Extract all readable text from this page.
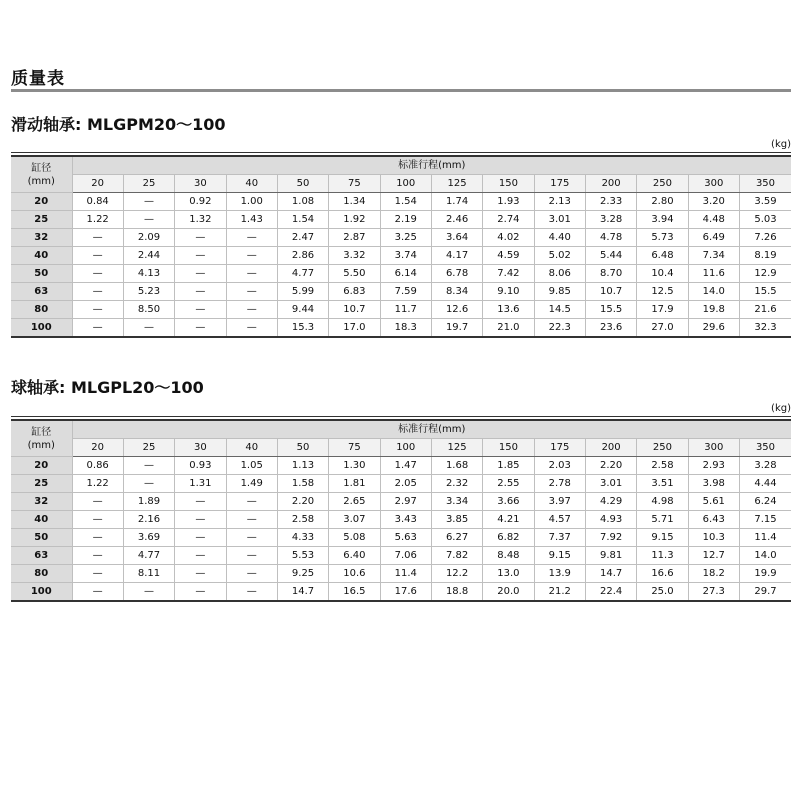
质量表
滑动轴承: MLGPM20～100
(kg)
缸径
(mm)	标准行程(mm)													
	20	25	30	40	50	75	100	125	150	175	200	250	300	350
20	0.84	—	0.92	1.00	1.08	1.34	1.54	1.74	1.93	2.13	2.33	2.80	3.20	3.59
25	1.22	—	1.32	1.43	1.54	1.92	2.19	2.46	2.74	3.01	3.28	3.94	4.48	5.03
32	—	2.09	—	—	2.47	2.87	3.25	3.64	4.02	4.40	4.78	5.73	6.49	7.26
40	—	2.44	—	—	2.86	3.32	3.74	4.17	4.59	5.02	5.44	6.48	7.34	8.19
50	—	4.13	—	—	4.77	5.50	6.14	6.78	7.42	8.06	8.70	10.4	11.6	12.9
63	—	5.23	—	—	5.99	6.83	7.59	8.34	9.10	9.85	10.7	12.5	14.0	15.5
80	—	8.50	—	—	9.44	10.7	11.7	12.6	13.6	14.5	15.5	17.9	19.8	21.6
100	—	—	—	—	15.3	17.0	18.3	19.7	21.0	22.3	23.6	27.0	29.6	32.3
球轴承: MLGPL20～100
(kg)
缸径
(mm)	标准行程(mm)													
	20	25	30	40	50	75	100	125	150	175	200	250	300	350
20	0.86	—	0.93	1.05	1.13	1.30	1.47	1.68	1.85	2.03	2.20	2.58	2.93	3.28
25	1.22	—	1.31	1.49	1.58	1.81	2.05	2.32	2.55	2.78	3.01	3.51	3.98	4.44
32	—	1.89	—	—	2.20	2.65	2.97	3.34	3.66	3.97	4.29	4.98	5.61	6.24
40	—	2.16	—	—	2.58	3.07	3.43	3.85	4.21	4.57	4.93	5.71	6.43	7.15
50	—	3.69	—	—	4.33	5.08	5.63	6.27	6.82	7.37	7.92	9.15	10.3	11.4
63	—	4.77	—	—	5.53	6.40	7.06	7.82	8.48	9.15	9.81	11.3	12.7	14.0
80	—	8.11	—	—	9.25	10.6	11.4	12.2	13.0	13.9	14.7	16.6	18.2	19.9
100	—	—	—	—	14.7	16.5	17.6	18.8	20.0	21.2	22.4	25.0	27.3	29.7
